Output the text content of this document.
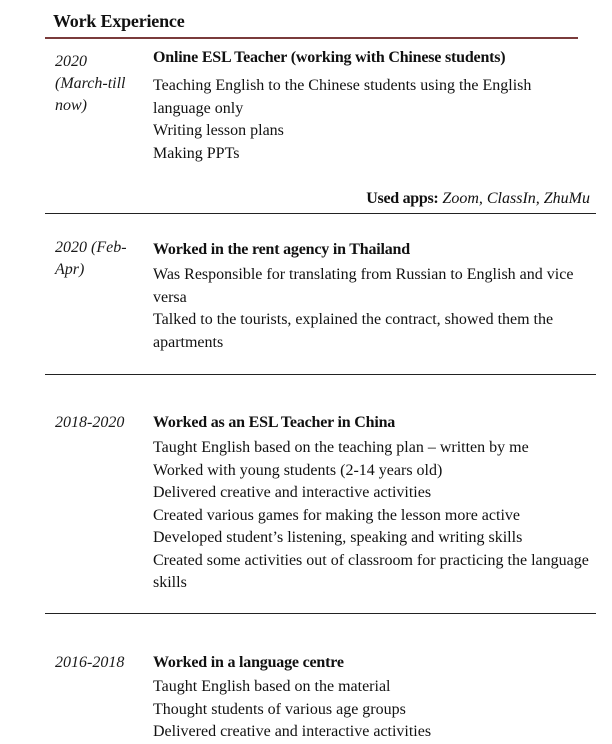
Work Experience
2020 (March-till now)

Online ESL Teacher (working with Chinese students)

Teaching English to the Chinese students using the English language only

Writing lesson plans

Making PPTs

Used apps: Zoom, ClassIn, ZhuMu
2020 (Feb-Apr)

Worked in the rent agency in Thailand

Was Responsible for translating from Russian to English and vice versa

Talked to the tourists, explained the contract, showed them the apartments

2018-2020	Worked as an ESL Teacher in China

Taught English based on the teaching plan – written by me

Worked with young students (2-14 years old)

Delivered creative and interactive activities

Created various games for making the lesson more active

Developed student’s listening, speaking and writing skills

Created some activities out of classroom for practicing the language skills

2016-2018	Worked in a language centre

Taught English based on the material

Thought students of various age groups

Delivered creative and interactive activities
